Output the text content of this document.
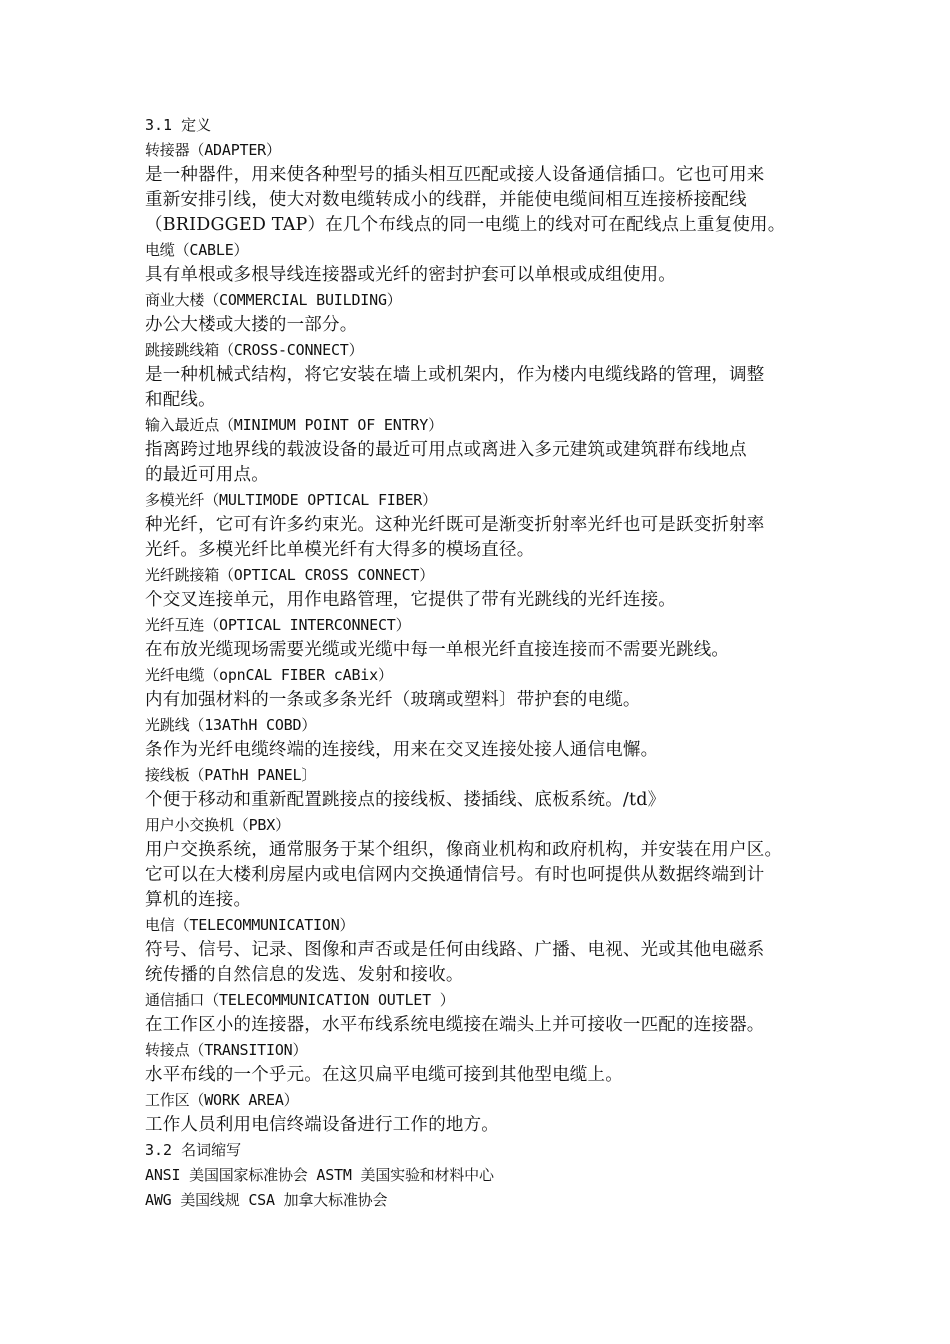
3.1 定义
转接器（ADAPTER）
是一种器件，用来使各种型号的插头相互匹配或接人设备通信插口。它也可用来
重新安排引线，使大对数电缆转成小的线群，并能使电缆间相互连接桥接配线
（BRIDGGED TAP）在几个布线点的同一电缆上的线对可在配线点上重复使用。
电缆（CABLE）
具有单根或多根导线连接器或光纤的密封护套可以单根或成组使用。
商业大楼（COMMERCIAL BUILDING）
办公大楼或大搂的一部分。
跳接跳线箱（CROSS-CONNECT）
是一种机械式结构，将它安装在墙上或机架内，作为楼内电缆线路的管理，调整
和配线。
输入最近点（MINIMUM POINT OF ENTRY）
指离跨过地界线的载波设备的最近可用点或离进入多元建筑或建筑群布线地点
的最近可用点。
多模光纤（MULTIMODE OPTICAL FIBER）
种光纤，它可有许多约束光。这种光纤既可是渐变折射率光纤也可是跃变折射率
光纤。多模光纤比单模光纤有大得多的模场直径。
光纤跳接箱（OPTICAL CROSS CONNECT）
个交叉连接单元，用作电路管理，它提供了带有光跳线的光纤连接。
光纤互连（OPTICAL INTERCONNECT）
在布放光缆现场需要光缆或光缆中每一单根光纤直接连接而不需要光跳线。
光纤电缆（opnCAL FIBER cABix）
内有加强材料的一条或多条光纤（玻璃或塑料〕带护套的电缆。
光跳线（13AThH COBD）
条作为光纤电缆终端的连接线，用来在交叉连接处接人通信电懈。
接线板（PAThH PANEL〕
个便于移动和重新配置跳接点的接线板、搂插线、底板系统。/td》
用户小交换机（PBX）
用户交换系统，通常服务于某个组织，像商业机构和政府机构，并安装在用户区。
它可以在大楼利房屋内或电信网内交换通情信号。有时也呵提供从数据终端到计
算机的连接。
电信（TELECOMMUNICATION）
符号、信号、记录、图像和声否或是任何由线路、广播、电视、光或其他电磁系
统传播的自然信息的发选、发射和接收。
通信插口（TELECOMMUNICATION OUTLET ）
在工作区小的连接器，水平布线系统电缆接在端头上并可接收一匹配的连接器。
转接点（TRANSITION）
水平布线的一个乎元。在这贝扁平电缆可接到其他型电缆上。
工作区（WORK AREA）
工作人员利用电信终端设备进行工作的地方。
3.2 名词缩写
ANSI 美国国家标准协会 ASTM 美国实验和材料中心
AWG 美国线规 CSA 加拿大标准协会
